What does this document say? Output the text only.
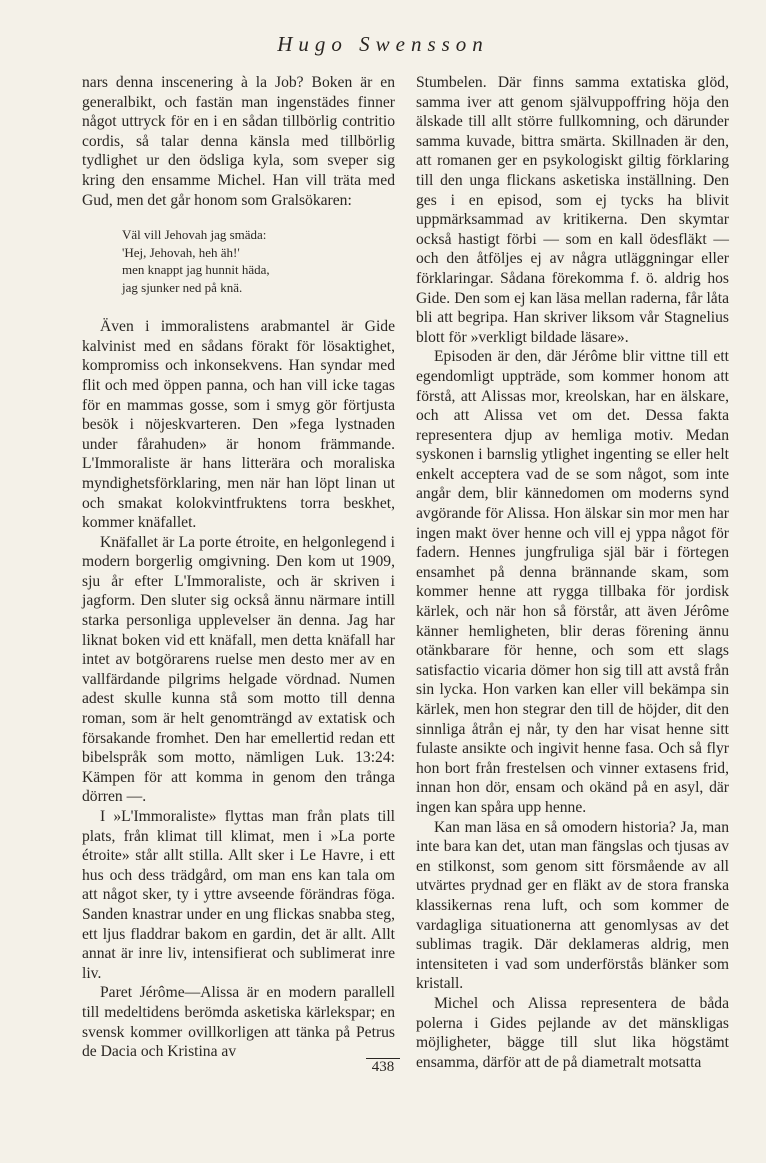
Hugo Swensson

nars denna inscenering à la Job? Boken är en generalbikt, och fastän man ingenstädes finner något uttryck för en i en sådan tillbörlig contritio cordis, så talar denna känsla med tillbörlig tydlighet ur den ödsliga kyla, som sveper sig kring den ensamme Michel. Han vill träta med Gud, men det går honom som Gralsökaren:

Väl vill Jehovah jag smäda:
'Hej, Jehovah, heh äh!'
men knappt jag hunnit häda,
jag sjunker ned på knä.

Även i immoralistens arabmantel är Gide kalvinist med en sådans förakt för lösaktighet, kompromiss och inkonsekvens. Han syndar med flit och med öppen panna, och han vill icke tagas för en mammas gosse, som i smyg gör förtjusta besök i nöjeskvarteren. Den »fega lystnaden under fårahuden» är honom främmande. L'Immoraliste är hans litterära och moraliska myndighetsförklaring, men när han löpt linan ut och smakat kolokvintfruktens torra beskhet, kommer knäfallet.

Knäfallet är La porte étroite, en helgonlegend i modern borgerlig omgivning. Den kom ut 1909, sju år efter L'Immoraliste, och är skriven i jagform. Den sluter sig också ännu närmare intill starka personliga upplevelser än denna. Jag har liknat boken vid ett knäfall, men detta knäfall har intet av botgörarens ruelse men desto mer av en vallfärdande pilgrims helgade vördnad. Numen adest skulle kunna stå som motto till denna roman, som är helt genomträngd av extatisk och försakande fromhet. Den har emellertid redan ett bibelspråk som motto, nämligen Luk. 13:24: Kämpen för att komma in genom den trånga dörren —.

I »L'Immoraliste» flyttas man från plats till plats, från klimat till klimat, men i »La porte étroite» står allt stilla. Allt sker i Le Havre, i ett hus och dess trädgård, om man ens kan tala om att något sker, ty i yttre avseende förändras föga. Sanden knastrar under en ung flickas snabba steg, ett ljus fladdrar bakom en gardin, det är allt. Allt annat är inre liv, intensifierat och sublimerat inre liv.

Paret Jérôme—Alissa är en modern parallell till medeltidens berömda asketiska kärlekspar; en svensk kommer ovillkorligen att tänka på Petrus de Dacia och Kristina av

Stumbelen. Där finns samma extatiska glöd, samma iver att genom självuppoffring höja den älskade till allt större fullkomning, och därunder samma kuvade, bittra smärta. Skillnaden är den, att romanen ger en psykologiskt giltig förklaring till den unga flickans asketiska inställning. Den ges i en episod, som ej tycks ha blivit uppmärksammad av kritikerna. Den skymtar också hastigt förbi — som en kall ödesfläkt — och den åtföljes ej av några utläggningar eller förklaringar. Sådana förekomma f. ö. aldrig hos Gide. Den som ej kan läsa mellan raderna, får låta bli att begripa. Han skriver liksom vår Stagnelius blott för »verkligt bildade läsare».

Episoden är den, där Jérôme blir vittne till ett egendomligt uppträde, som kommer honom att förstå, att Alissas mor, kreolskan, har en älskare, och att Alissa vet om det. Dessa fakta representera djup av hemliga motiv. Medan syskonen i barnslig ytlighet ingenting se eller helt enkelt acceptera vad de se som något, som inte angår dem, blir kännedomen om moderns synd avgörande för Alissa. Hon älskar sin mor men har ingen makt över henne och vill ej yppa något för fadern. Hennes jungfruliga själ bär i förtegen ensamhet på denna brännande skam, som kommer henne att rygga tillbaka för jordisk kärlek, och när hon så förstår, att även Jérôme känner hemligheten, blir deras förening ännu otänkbarare för henne, och som ett slags satisfactio vicaria dömer hon sig till att avstå från sin lycka. Hon varken kan eller vill bekämpa sin kärlek, men hon stegrar den till de höjder, dit den sinnliga åtrån ej når, ty den har visat henne sitt fulaste ansikte och ingivit henne fasa. Och så flyr hon bort från frestelsen och vinner extasens frid, innan hon dör, ensam och okänd på en asyl, där ingen kan spåra upp henne.

Kan man läsa en så omodern historia? Ja, man inte bara kan det, utan man fängslas och tjusas av en stilkonst, som genom sitt försmående av all utvärtes prydnad ger en fläkt av de stora franska klassikernas rena luft, och som kommer de vardagliga situationerna att genomlysas av det sublimas tragik. Där deklameras aldrig, men intensiteten i vad som underförstås blänker som kristall.

Michel och Alissa representera de båda polerna i Gides pejlande av det mänskligas möjligheter, bägge till slut lika högstämt ensamma, därför att de på diametralt motsatta

438
